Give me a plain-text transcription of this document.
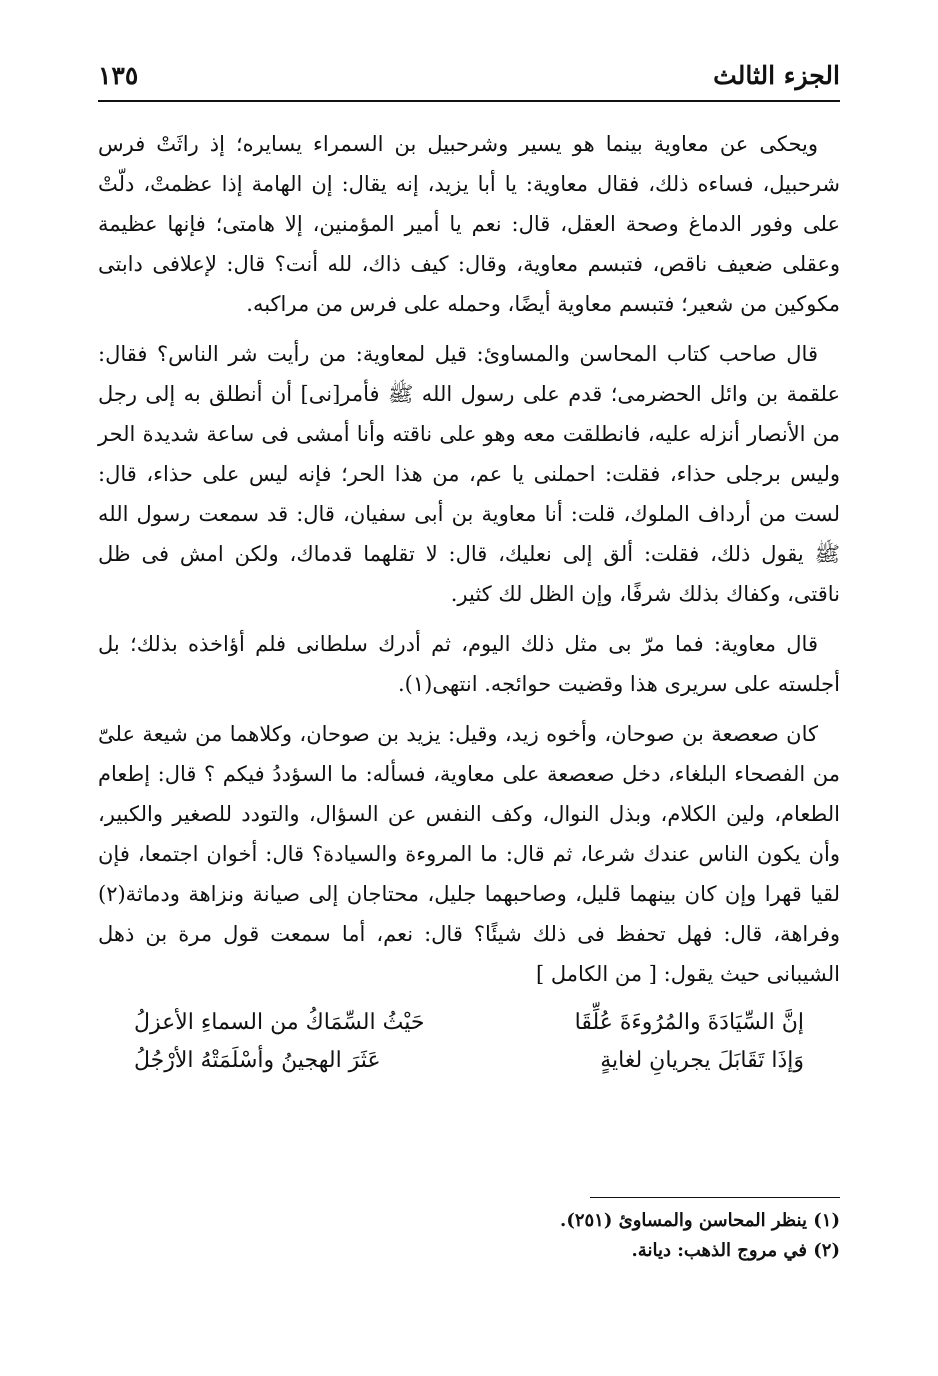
الجزء الثالث
١٣٥

ويحكى عن معاوية بينما هو يسير وشرحبيل بن السمراء يسايره؛ إذ راثَتْ فرس شرحبيل، فساءه ذلك، فقال معاوية: يا أبا يزيد، إنه يقال: إن الهامة إذا عظمتْ، دلّتْ على وفور الدماغ وصحة العقل، قال: نعم يا أمير المؤمنين، إلا هامتى؛ فإنها عظيمة وعقلى ضعيف ناقص، فتبسم معاوية، وقال: كيف ذاك، لله أنت؟ قال: لإعلافى دابتى مكوكين من شعير؛ فتبسم معاوية أيضًا، وحمله على فرس من مراكبه.

قال صاحب كتاب المحاسن والمساوئ: قيل لمعاوية: من رأيت شر الناس؟ فقال: علقمة بن وائل الحضرمى؛ قدم على رسول الله ﷺ فأمر[نى] أن أنطلق به إلى رجل من الأنصار أنزله عليه، فانطلقت معه وهو على ناقته وأنا أمشى فى ساعة شديدة الحر وليس برجلى حذاء، فقلت: احملنى يا عم، من هذا الحر؛ فإنه ليس على حذاء، قال: لست من أرداف الملوك، قلت: أنا معاوية بن أبى سفيان، قال: قد سمعت رسول الله ﷺ يقول ذلك، فقلت: ألق إلى نعليك، قال: لا تقلهما قدماك، ولكن امش فى ظل ناقتى، وكفاك بذلك شرفًا، وإن الظل لك كثير.

قال معاوية: فما مرّ بى مثل ذلك اليوم، ثم أدرك سلطانى فلم أؤاخذه بذلك؛ بل أجلسته على سريرى هذا وقضيت حوائجه. انتهى(١).

كان صعصعة بن صوحان، وأخوه زيد، وقيل: يزيد بن صوحان، وكلاهما من شيعة علىّ من الفصحاء البلغاء، دخل صعصعة على معاوية، فسأله: ما السؤددُ فيكم ؟ قال: إطعام الطعام، ولين الكلام، وبذل النوال، وكف النفس عن السؤال، والتودد للصغير والكبير، وأن يكون الناس عندك شرعا، ثم قال: ما المروءة والسيادة؟ قال: أخوان اجتمعا، فإن لقيا قهرا وإن كان بينهما قليل، وصاحبهما جليل، محتاجان إلى صيانة ونزاهة ودماثة(٢) وفراهة، قال: فهل تحفظ فى ذلك شيئًا؟ قال: نعم، أما سمعت قول مرة بن ذهل الشيبانى حيث يقول: [ من الكامل ]

إنَّ السِّيَادَةَ والمُرُوءَةَ عُلِّقَا
حَيْثُ السِّمَاكُ من السماءِ الأعزلُ
وَإذَا تَقَابَلَ يجريانِ لغايةٍ
عَثَرَ الهجينُ وأسْلَمَتْهُ الأرْجُلُ

(١) ينظر المحاسن والمساوئ (٢٥١).

(٢) في مروج الذهب: ديانة.
